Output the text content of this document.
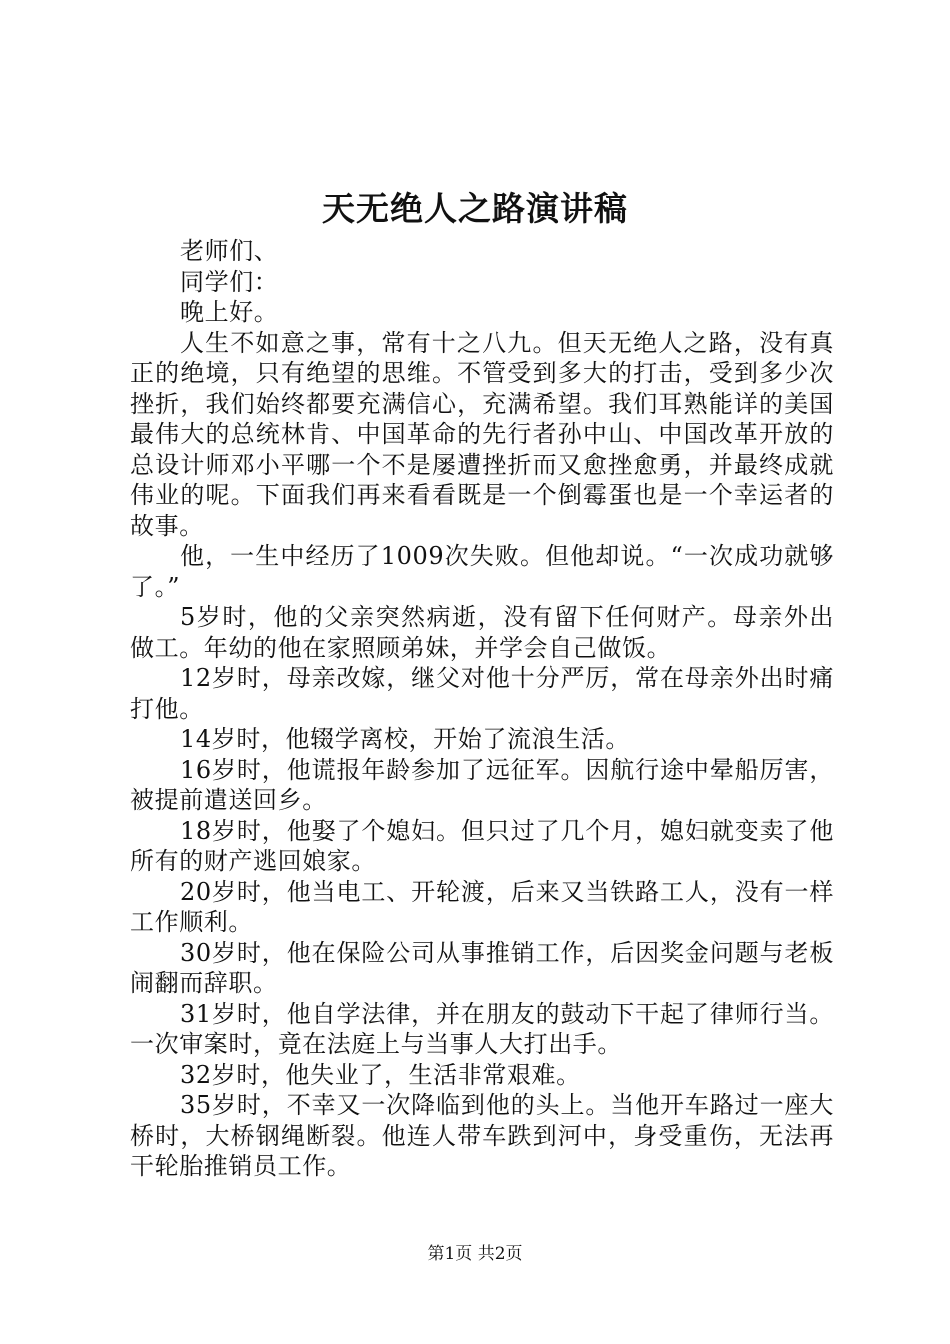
天无绝人之路演讲稿

老师们、

同学们：

晚上好。

人生不如意之事，常有十之八九。但天无绝人之路，没有真正的绝境，只有绝望的思维。不管受到多大的打击，受到多少次挫折，我们始终都要充满信心，充满希望。我们耳熟能详的美国最伟大的总统林肯、中国革命的先行者孙中山、中国改革开放的总设计师邓小平哪一个不是屡遭挫折而又愈挫愈勇，并最终成就伟业的呢。下面我们再来看看既是一个倒霉蛋也是一个幸运者的故事。

他，一生中经历了1009次失败。但他却说。“一次成功就够了。”

5岁时，他的父亲突然病逝，没有留下任何财产。母亲外出做工。年幼的他在家照顾弟妹，并学会自己做饭。

12岁时，母亲改嫁，继父对他十分严厉，常在母亲外出时痛打他。

14岁时，他辍学离校，开始了流浪生活。

16岁时，他谎报年龄参加了远征军。因航行途中晕船厉害，被提前遣送回乡。

18岁时，他娶了个媳妇。但只过了几个月，媳妇就变卖了他所有的财产逃回娘家。

20岁时，他当电工、开轮渡，后来又当铁路工人，没有一样工作顺利。

30岁时，他在保险公司从事推销工作，后因奖金问题与老板闹翻而辞职。

31岁时，他自学法律，并在朋友的鼓动下干起了律师行当。一次审案时，竟在法庭上与当事人大打出手。

32岁时，他失业了，生活非常艰难。

35岁时，不幸又一次降临到他的头上。当他开车路过一座大桥时，大桥钢绳断裂。他连人带车跌到河中，身受重伤，无法再干轮胎推销员工作。

第1页 共2页
